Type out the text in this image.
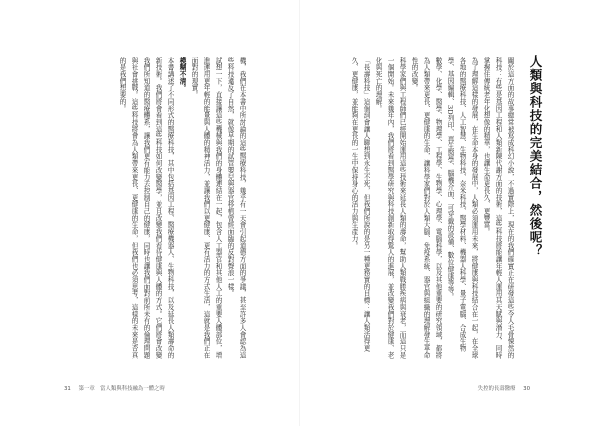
人類與科技的完美結合，然後呢？
關於這方面的故事總常被寫成科幻小說，不過實際上，現在的我們確實正在研發這些令人毛骨悚然的科技：有些是基因工程和人類新陳代謝方面的技術，這些科技將能讓年輕人運用其天賦與潛力，同時掌握住傳統老年化想像的精華，也讓生命更長久、更豐富。
為了理解這樣的發展，在生命本身的發展中，人類必須運用未來，將健康與科技結合在一起，在全球各地的醫療科技、人工智慧、生物科技、奈米科技、醫學材料、機器人科學、量子電腦、合成生物學、基因編輯、3D列印、再生醫學、腦機介面、可穿戴的設備、數位健康等等。
數學、化學、醫學、物理學、工程學、生物學、心理學、電腦科學，以及其他重要的研究領域，都將為人類帶來更長、更健康的生命，讓科學家們對於人類大腦、免疫系統、器官與組織的理解發生革命性的改變。
科學家們與工程師們已經開始運用這些技術來延長人類的壽命，幫助人類戰勝疾病與衰老，而這只是一個開始。未來幾年內，我們將看到醫學研究與科技創新取得驚人的進展，並改變我們對於健康、老化與死亡的理解。
「長壽科技」這個詞會讓人聯想到永生不死，但我們所說的是另一種更務實的目標：讓人類活得更久、更健康，並能夠在更長的一生中保持身心的活力與生產力。
機，我們在本書中所討論的這些醫療科技，幾乎有一天會引起道德方面的爭議，甚至許多人會認為這些科技違反了自然，就像早期的試管嬰兒與器官移植曾經面臨的反對聲浪一樣。
試想一下，直接讓這些機械與我們的身體連結在一起，包含人工器官和其他人工的重要人體部位，增進運用更年輕的能量與人體的精神活力，並讓我們以更健康、更有活力的方式生活，這就是我們正在面對的現實。
模糊不清。
本書講述了不同形式的醫療科技，其中包括基因工程、醫療機器人、生物科技，以及延長人類壽命的新技術。我們將會看到這些科技如何改變醫學，並且改變我們看待健康與人體的方式。它們將會改變我們所知道的醫療體系，讓我們更有能力去控制自己的健康，同時也讓我們面對前所未有的倫理問題與社會挑戰。這些科技將會為人類帶來更長、更健康的生命，但我們也必須思考，這樣的未來是否真的是我們想要的。
31 第一章　當人類與科技融為一體之時	失控的長壽醫療 30
